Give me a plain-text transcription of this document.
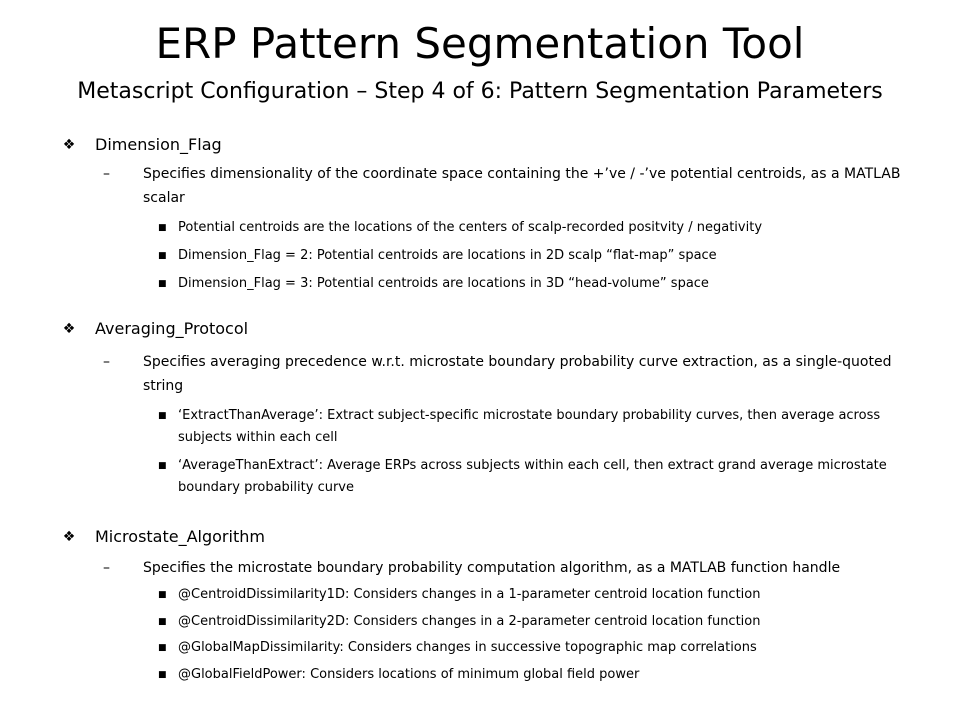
ERP Pattern Segmentation Tool
Metascript Configuration – Step 4 of 6: Pattern Segmentation Parameters
❖ Dimension_Flag
–	Specifies dimensionality of the coordinate space containing the +’ve / -’ve potential centroids, as a MATLAB scalar
■ Potential centroids are the locations of the centers of scalp-recorded positvity / negativity
■ Dimension_Flag = 2: Potential centroids are locations in 2D scalp “flat-map” space
■ Dimension_Flag = 3: Potential centroids are locations in 3D “head-volume” space
❖ Averaging_Protocol
–	Specifies averaging precedence w.r.t. microstate boundary probability curve extraction, as a single-quoted string
■ ‘ExtractThanAverage’: Extract subject-specific microstate boundary probability curves, then average across subjects within each cell
■ ‘AverageThanExtract’: Average ERPs across subjects within each cell, then extract grand average microstate boundary probability curve
❖ Microstate_Algorithm
–	Specifies the microstate boundary probability computation algorithm, as a MATLAB function handle
■ @CentroidDissimilarity1D: Considers changes in a 1-parameter centroid location function
■ @CentroidDissimilarity2D: Considers changes in a 2-parameter centroid location function
■ @GlobalMapDissimilarity: Considers changes in successive topographic map correlations
■ @GlobalFieldPower: Considers locations of minimum global field power
